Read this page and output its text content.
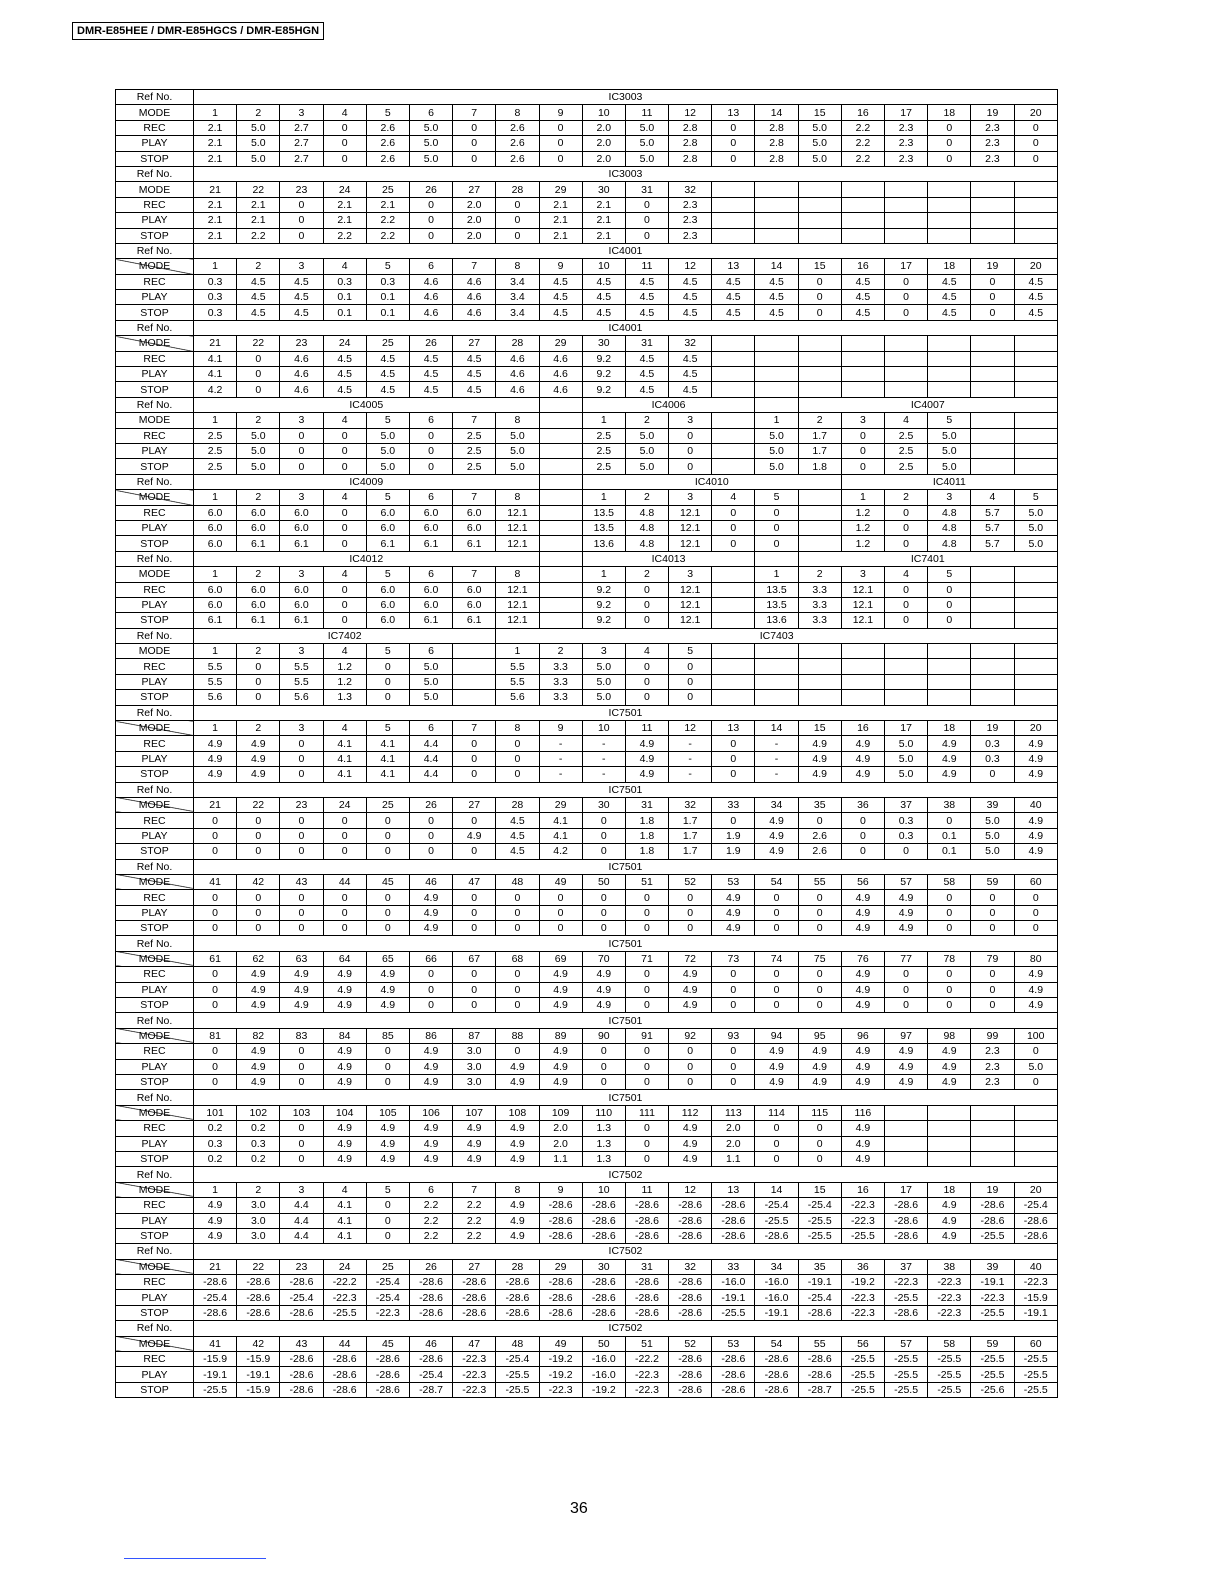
DMR-E85HEE / DMR-E85HGCS / DMR-E85HGN
Ref No.	IC3003																			
MODE	1	2	3	4	5	6	7	8	9	10	11	12	13	14	15	16	17	18	19	20
REC	2.1	5.0	2.7	0	2.6	5.0	0	2.6	0	2.0	5.0	2.8	0	2.8	5.0	2.2	2.3	0	2.3	0
PLAY	2.1	5.0	2.7	0	2.6	5.0	0	2.6	0	2.0	5.0	2.8	0	2.8	5.0	2.2	2.3	0	2.3	0
STOP	2.1	5.0	2.7	0	2.6	5.0	0	2.6	0	2.0	5.0	2.8	0	2.8	5.0	2.2	2.3	0	2.3	0
Ref No.	IC3003																			
MODE	21	22	23	24	25	26	27	28	29	30	31	32								
REC	2.1	2.1	0	2.1	2.1	0	2.0	0	2.1	2.1	0	2.3								
PLAY	2.1	2.1	0	2.1	2.2	0	2.0	0	2.1	2.1	0	2.3								
STOP	2.1	2.2	0	2.2	2.2	0	2.0	0	2.1	2.1	0	2.3								
Ref No.	IC4001																			
MODE	1	2	3	4	5	6	7	8	9	10	11	12	13	14	15	16	17	18	19	20
REC	0.3	4.5	4.5	0.3	0.3	4.6	4.6	3.4	4.5	4.5	4.5	4.5	4.5	4.5	0	4.5	0	4.5	0	4.5
PLAY	0.3	4.5	4.5	0.1	0.1	4.6	4.6	3.4	4.5	4.5	4.5	4.5	4.5	4.5	0	4.5	0	4.5	0	4.5
STOP	0.3	4.5	4.5	0.1	0.1	4.6	4.6	3.4	4.5	4.5	4.5	4.5	4.5	4.5	0	4.5	0	4.5	0	4.5
Ref No.	IC4001																			
MODE	21	22	23	24	25	26	27	28	29	30	31	32								
REC	4.1	0	4.6	4.5	4.5	4.5	4.5	4.6	4.6	9.2	4.5	4.5								
PLAY	4.1	0	4.6	4.5	4.5	4.5	4.5	4.6	4.6	9.2	4.5	4.5								
STOP	4.2	0	4.6	4.5	4.5	4.5	4.5	4.6	4.6	9.2	4.5	4.5								
Ref No.	IC4005									IC4006					IC4007					
MODE	1	2	3	4	5	6	7	8		1	2	3		1	2	3	4	5		
REC	2.5	5.0	0	0	5.0	0	2.5	5.0		2.5	5.0	0		5.0	1.7	0	2.5	5.0		
PLAY	2.5	5.0	0	0	5.0	0	2.5	5.0		2.5	5.0	0		5.0	1.7	0	2.5	5.0		
STOP	2.5	5.0	0	0	5.0	0	2.5	5.0		2.5	5.0	0		5.0	1.8	0	2.5	5.0		
Ref No.	IC4009									IC4010						IC4011				
MODE	1	2	3	4	5	6	7	8		1	2	3	4	5		1	2	3	4	5
REC	6.0	6.0	6.0	0	6.0	6.0	6.0	12.1		13.5	4.8	12.1	0	0		1.2	0	4.8	5.7	5.0
PLAY	6.0	6.0	6.0	0	6.0	6.0	6.0	12.1		13.5	4.8	12.1	0	0		1.2	0	4.8	5.7	5.0
STOP	6.0	6.1	6.1	0	6.1	6.1	6.1	12.1		13.6	4.8	12.1	0	0		1.2	0	4.8	5.7	5.0
Ref No.	IC4012									IC4013					IC7401					
MODE	1	2	3	4	5	6	7	8		1	2	3		1	2	3	4	5		
REC	6.0	6.0	6.0	0	6.0	6.0	6.0	12.1		9.2	0	12.1		13.5	3.3	12.1	0	0		
PLAY	6.0	6.0	6.0	0	6.0	6.0	6.0	12.1		9.2	0	12.1		13.5	3.3	12.1	0	0		
STOP	6.1	6.1	6.1	0	6.0	6.1	6.1	12.1		9.2	0	12.1		13.6	3.3	12.1	0	0		
Ref No.	IC7402							IC7403												
MODE	1	2	3	4	5	6		1	2	3	4	5								
REC	5.5	0	5.5	1.2	0	5.0		5.5	3.3	5.0	0	0								
PLAY	5.5	0	5.5	1.2	0	5.0		5.5	3.3	5.0	0	0								
STOP	5.6	0	5.6	1.3	0	5.0		5.6	3.3	5.0	0	0								
Ref No.	IC7501																			
MODE	1	2	3	4	5	6	7	8	9	10	11	12	13	14	15	16	17	18	19	20
REC	4.9	4.9	0	4.1	4.1	4.4	0	0	-	-	4.9	-	0	-	4.9	4.9	5.0	4.9	0.3	4.9
PLAY	4.9	4.9	0	4.1	4.1	4.4	0	0	-	-	4.9	-	0	-	4.9	4.9	5.0	4.9	0.3	4.9
STOP	4.9	4.9	0	4.1	4.1	4.4	0	0	-	-	4.9	-	0	-	4.9	4.9	5.0	4.9	0	4.9
Ref No.	IC7501																			
MODE	21	22	23	24	25	26	27	28	29	30	31	32	33	34	35	36	37	38	39	40
REC	0	0	0	0	0	0	0	4.5	4.1	0	1.8	1.7	0	4.9	0	0	0.3	0	5.0	4.9
PLAY	0	0	0	0	0	0	4.9	4.5	4.1	0	1.8	1.7	1.9	4.9	2.6	0	0.3	0.1	5.0	4.9
STOP	0	0	0	0	0	0	0	4.5	4.2	0	1.8	1.7	1.9	4.9	2.6	0	0	0.1	5.0	4.9
Ref No.	IC7501																			
MODE	41	42	43	44	45	46	47	48	49	50	51	52	53	54	55	56	57	58	59	60
REC	0	0	0	0	0	4.9	0	0	0	0	0	0	4.9	0	0	4.9	4.9	0	0	0
PLAY	0	0	0	0	0	4.9	0	0	0	0	0	0	4.9	0	0	4.9	4.9	0	0	0
STOP	0	0	0	0	0	4.9	0	0	0	0	0	0	4.9	0	0	4.9	4.9	0	0	0
Ref No.	IC7501																			
MODE	61	62	63	64	65	66	67	68	69	70	71	72	73	74	75	76	77	78	79	80
REC	0	4.9	4.9	4.9	4.9	0	0	0	4.9	4.9	0	4.9	0	0	0	4.9	0	0	0	4.9
PLAY	0	4.9	4.9	4.9	4.9	0	0	0	4.9	4.9	0	4.9	0	0	0	4.9	0	0	0	4.9
STOP	0	4.9	4.9	4.9	4.9	0	0	0	4.9	4.9	0	4.9	0	0	0	4.9	0	0	0	4.9
Ref No.	IC7501																			
MODE	81	82	83	84	85	86	87	88	89	90	91	92	93	94	95	96	97	98	99	100
REC	0	4.9	0	4.9	0	4.9	3.0	0	4.9	0	0	0	0	4.9	4.9	4.9	4.9	4.9	2.3	0
PLAY	0	4.9	0	4.9	0	4.9	3.0	4.9	4.9	0	0	0	0	4.9	4.9	4.9	4.9	4.9	2.3	5.0
STOP	0	4.9	0	4.9	0	4.9	3.0	4.9	4.9	0	0	0	0	4.9	4.9	4.9	4.9	4.9	2.3	0
Ref No.	IC7501																			
MODE	101	102	103	104	105	106	107	108	109	110	111	112	113	114	115	116				
REC	0.2	0.2	0	4.9	4.9	4.9	4.9	4.9	2.0	1.3	0	4.9	2.0	0	0	4.9				
PLAY	0.3	0.3	0	4.9	4.9	4.9	4.9	4.9	2.0	1.3	0	4.9	2.0	0	0	4.9				
STOP	0.2	0.2	0	4.9	4.9	4.9	4.9	4.9	1.1	1.3	0	4.9	1.1	0	0	4.9				
Ref No.	IC7502																			
MODE	1	2	3	4	5	6	7	8	9	10	11	12	13	14	15	16	17	18	19	20
REC	4.9	3.0	4.4	4.1	0	2.2	2.2	4.9	-28.6	-28.6	-28.6	-28.6	-28.6	-25.4	-25.4	-22.3	-28.6	4.9	-28.6	-25.4
PLAY	4.9	3.0	4.4	4.1	0	2.2	2.2	4.9	-28.6	-28.6	-28.6	-28.6	-28.6	-25.5	-25.5	-22.3	-28.6	4.9	-28.6	-28.6
STOP	4.9	3.0	4.4	4.1	0	2.2	2.2	4.9	-28.6	-28.6	-28.6	-28.6	-28.6	-28.6	-25.5	-25.5	-28.6	4.9	-25.5	-28.6
Ref No.	IC7502																			
MODE	21	22	23	24	25	26	27	28	29	30	31	32	33	34	35	36	37	38	39	40
REC	-28.6	-28.6	-28.6	-22.2	-25.4	-28.6	-28.6	-28.6	-28.6	-28.6	-28.6	-28.6	-16.0	-16.0	-19.1	-19.2	-22.3	-22.3	-19.1	-22.3
PLAY	-25.4	-28.6	-25.4	-22.3	-25.4	-28.6	-28.6	-28.6	-28.6	-28.6	-28.6	-28.6	-19.1	-16.0	-25.4	-22.3	-25.5	-22.3	-22.3	-15.9
STOP	-28.6	-28.6	-28.6	-25.5	-22.3	-28.6	-28.6	-28.6	-28.6	-28.6	-28.6	-28.6	-25.5	-19.1	-28.6	-22.3	-28.6	-22.3	-25.5	-19.1
Ref No.	IC7502																			
MODE	41	42	43	44	45	46	47	48	49	50	51	52	53	54	55	56	57	58	59	60
REC	-15.9	-15.9	-28.6	-28.6	-28.6	-28.6	-22.3	-25.4	-19.2	-16.0	-22.2	-28.6	-28.6	-28.6	-28.6	-25.5	-25.5	-25.5	-25.5	-25.5
PLAY	-19.1	-19.1	-28.6	-28.6	-28.6	-25.4	-22.3	-25.5	-19.2	-16.0	-22.3	-28.6	-28.6	-28.6	-28.6	-25.5	-25.5	-25.5	-25.5	-25.5
STOP	-25.5	-15.9	-28.6	-28.6	-28.6	-28.7	-22.3	-25.5	-22.3	-19.2	-22.3	-28.6	-28.6	-28.6	-28.7	-25.5	-25.5	-25.5	-25.6	-25.5
36
